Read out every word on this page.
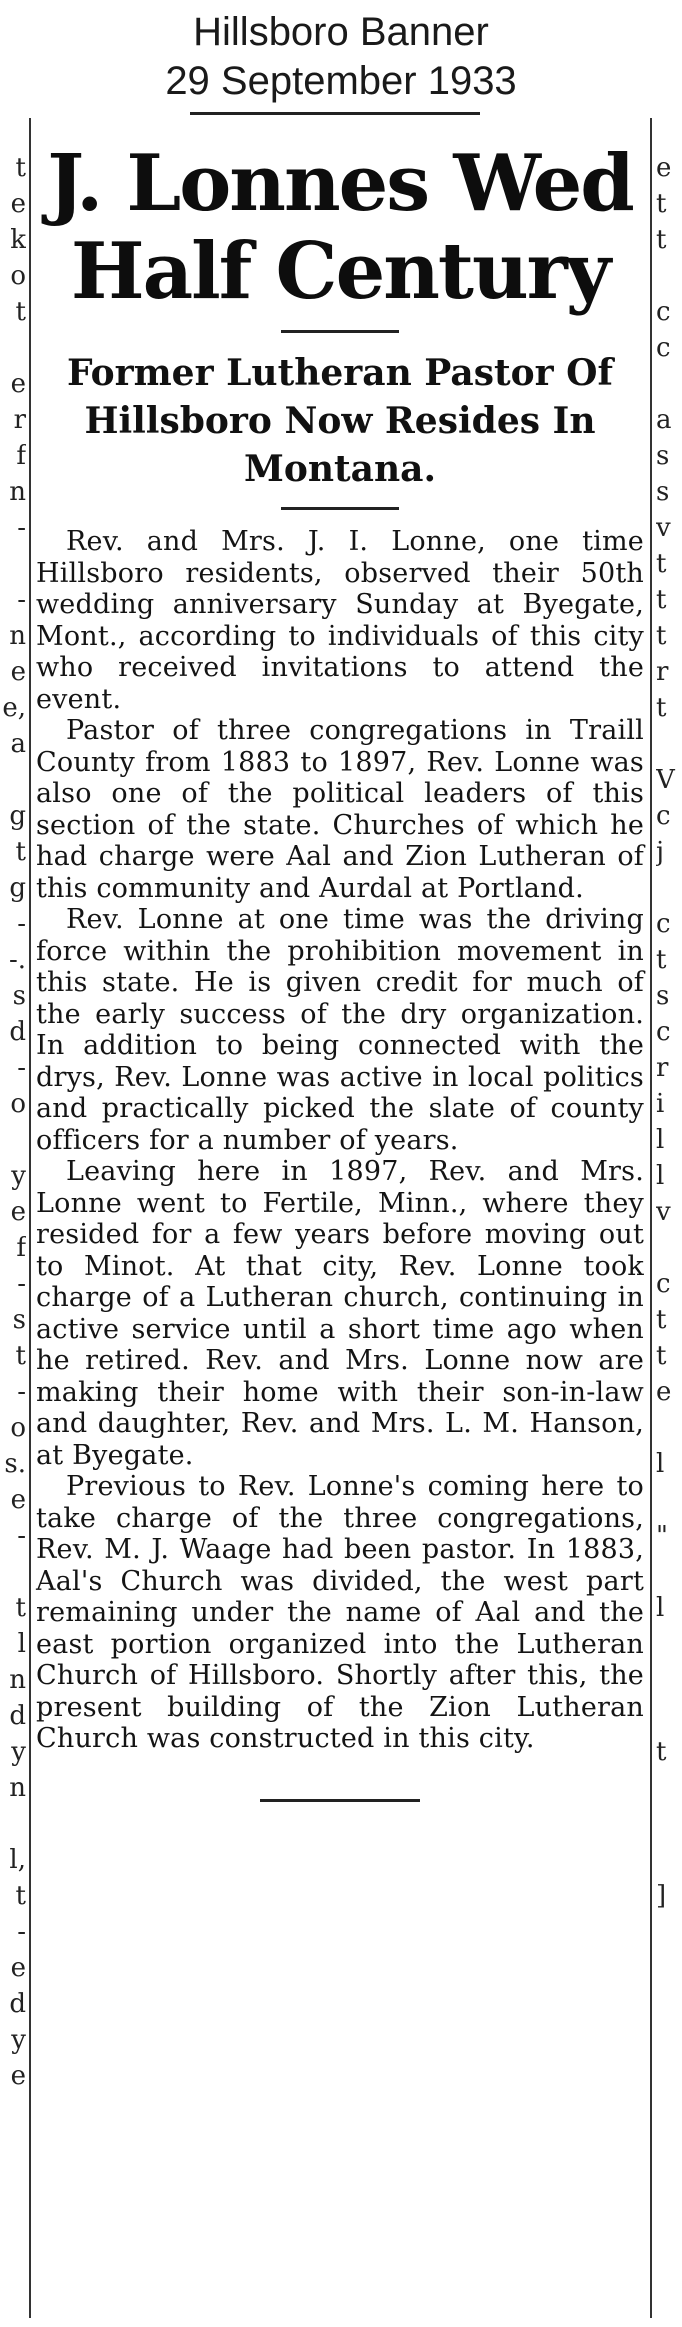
Hillsboro Banner
29 September 1933
t
e
k
o
t
e
r
f
n
-
-
n
e
e,
a
g
t
g
-
-.
s
d
-
o
y
e
f
-
s
t
-
o
s.
e
-
t
l
n
d
y
n
l,
t
-
e
d
y
e
e
t
t
c
c
a
s
s
v
t
t
t
r
t
V
c
j
c
t
s
c
r
i
l
l
v
c
t
t
e
l
"
l
t
]
J. Lonnes Wed Half Century
Former Lutheran Pastor Of Hillsboro Now Resides In Montana.

Rev. and Mrs. J. I. Lonne, one time Hillsboro residents, observed their 50th wedding anniversary Sunday at Byegate, Mont., according to individuals of this city who received invitations to attend the event.

Pastor of three congregations in Traill County from 1883 to 1897, Rev. Lonne was also one of the political leaders of this section of the state. Churches of which he had charge were Aal and Zion Lutheran of this community and Aurdal at Portland.

Rev. Lonne at one time was the driving force within the prohibition movement in this state. He is given credit for much of the early success of the dry organization. In addition to being connected with the drys, Rev. Lonne was active in local politics and practically picked the slate of county officers for a number of years.

Leaving here in 1897, Rev. and Mrs. Lonne went to Fertile, Minn., where they resided for a few years before moving out to Minot. At that city, Rev. Lonne took charge of a Lutheran church, continuing in active service until a short time ago when he retired. Rev. and Mrs. Lonne now are making their home with their son-in-law and daughter, Rev. and Mrs. L. M. Hanson, at Byegate.

Previous to Rev. Lonne's coming here to take charge of the three congregations, Rev. M. J. Waage had been pastor. In 1883, Aal's Church was divided, the west part remaining under the name of Aal and the east portion organized into the Lutheran Church of Hillsboro. Shortly after this, the present building of the Zion Lutheran Church was constructed in this city.
